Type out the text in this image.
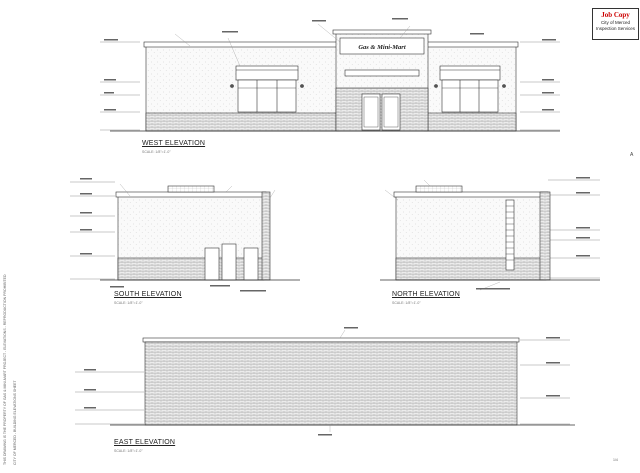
Gas & Mini-Mart
WEST ELEVATION
SCALE: 1/8"=1'-0"
SOUTH ELEVATION
SCALE: 1/8"=1'-0"
NORTH ELEVATION
SCALE: 1/8"=1'-0"
EAST ELEVATION
SCALE: 1/8"=1'-0"
Job Copy
City of Merced
Inspection Services
THIS DRAWING IS THE PROPERTY OF GAS & MINI-MART PROJECT - ELEVATIONS - REPRODUCTION PROHIBITED CITY OF MERCED - BUILDING ELEVATIONS SHEET
A
1/4
